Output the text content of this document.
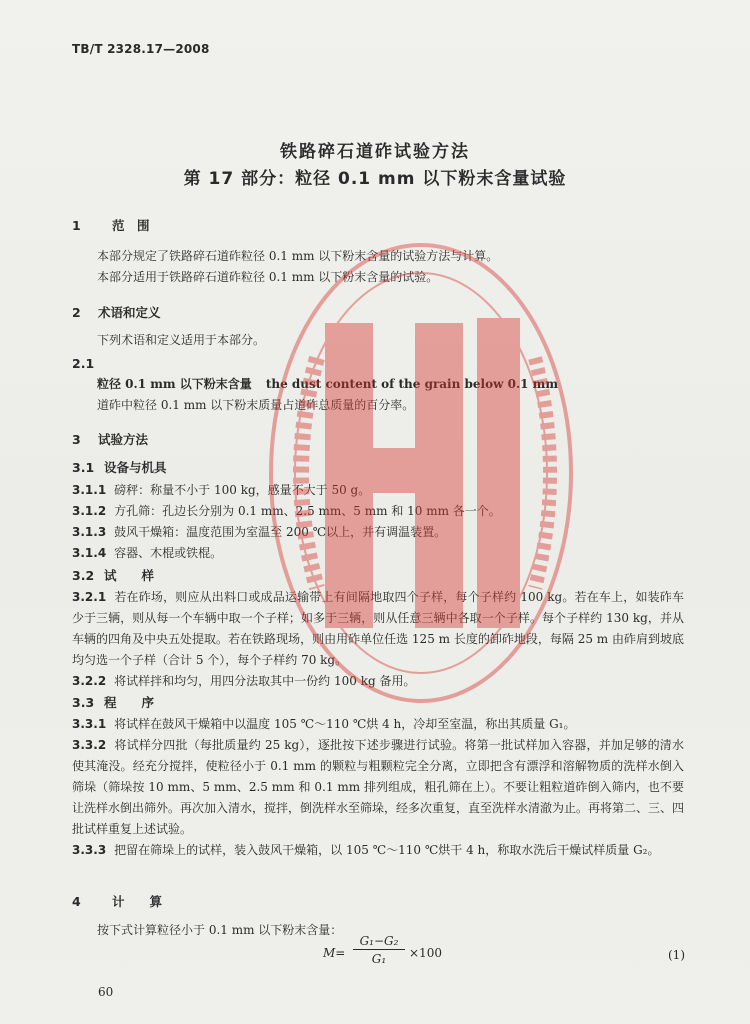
TB/T 2328.17—2008
铁路碎石道砟试验方法
第 17 部分：粒径 0.1 mm 以下粉末含量试验
1	范　围
本部分规定了铁路碎石道砟粒径 0.1 mm 以下粉末含量的试验方法与计算。
本部分适用于铁路碎石道砟粒径 0.1 mm 以下粉末含量的试验。
2 术语和定义
下列术语和定义适用于本部分。
2.1
粒径 0.1 mm 以下粉末含量 the dust content of the grain below 0.1 mm
道砟中粒径 0.1 mm 以下粉末质量占道砟总质量的百分率。
3 试验方法
3.1 设备与机具
3.1.1 磅秤：称量不小于 100 kg，感量不大于 50 g。
3.1.2 方孔筛：孔边长分别为 0.1 mm、2.5 mm、5 mm 和 10 mm 各一个。
3.1.3 鼓风干燥箱：温度范围为室温至 200 ℃以上，并有调温装置。
3.1.4 容器、木棍或铁棍。
3.2 试　　样
3.2.1 若在砟场，则应从出料口或成品运输带上有间隔地取四个子样，每个子样约 100 kg。若在车上，如装砟车少于三辆，则从每一个车辆中取一个子样；如多于三辆，则从任意三辆中各取一个子样。每个子样约 130 kg，并从车辆的四角及中央五处提取。若在铁路现场，则由用砟单位任选 125 m 长度的卸砟地段，每隔 25 m 由砟肩到坡底均匀选一个子样（合计 5 个），每个子样约 70 kg。
3.2.2 将试样拌和均匀，用四分法取其中一份约 100 kg 备用。
3.3 程　　序
3.3.1 将试样在鼓风干燥箱中以温度 105 ℃～110 ℃烘 4 h，冷却至室温，称出其质量 G₁。
3.3.2 将试样分四批（每批质量约 25 kg），逐批按下述步骤进行试验。将第一批试样加入容器，并加足够的清水使其淹没。经充分搅拌，使粒径小于 0.1 mm 的颗粒与粗颗粒完全分离，立即把含有漂浮和溶解物质的洗样水倒入筛垛（筛垛按 10 mm、5 mm、2.5 mm 和 0.1 mm 排列组成，粗孔筛在上）。不要让粗粒道砟倒入筛内，也不要让洗样水倒出筛外。再次加入清水，搅拌，倒洗样水至筛垛，经多次重复，直至洗样水清澈为止。再将第二、三、四批试样重复上述试验。
3.3.3 把留在筛垛上的试样，装入鼓风干燥箱，以 105 ℃～110 ℃烘干 4 h，称取水洗后干燥试样质量 G₂。
4	计　　算
按下式计算粒径小于 0.1 mm 以下粉末含量：
M=
G₁−G₂
G₁	×100	(1)
60
